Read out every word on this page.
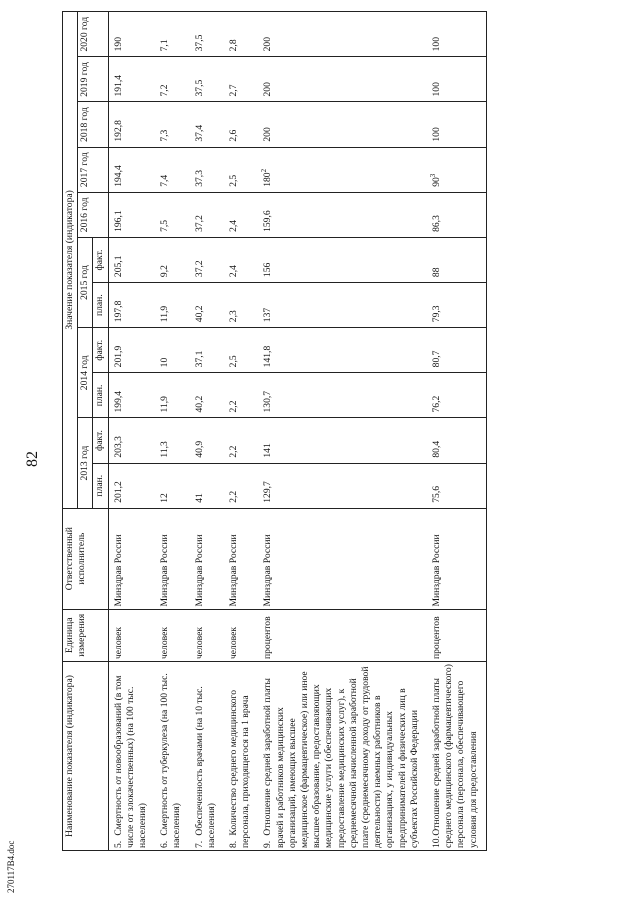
270117В4.doc
82
Наименование показателя (индикатора)	Единица измерения	Ответственный исполнитель	Значение показателя (индикатора)										
			2013 год		2014 год		2015 год		2016 год	2017 год	2018 год	2019 год	2020 год
			план.	факт.	план.	факт.	план.	факт.					
5. Смертность от новообразований (в том числе от злокачественных) (на 100 тыс. населения)	человек	Минздрав России	201,2	203,3	199,4	201,9	197,8	205,1	196,1	194,4	192,8	191,4	190
6. Смертность от туберкулеза (на 100 тыс. населения)	человек	Минздрав России	12	11,3	11,9	10	11,9	9,2	7,5	7,4	7,3	7,2	7,1
7. Обеспеченность врачами (на 10 тыс. населения)	человек	Минздрав России	41	40,9	40,2	37,1	40,2	37,2	37,2	37,3	37,4	37,5	37,5
8. Количество среднего медицинского персонала, приходящегося на 1 врача	человек	Минздрав России	2,2	2,2	2,2	2,5	2,3	2,4	2,4	2,5	2,6	2,7	2,8
9. Отношение средней заработной платы врачей и работников медицинских организаций, имеющих высшее медицинское (фармацевтическое) или иное высшее образование, предоставляющих медицинские услуги (обеспечивающих предоставление медицинских услуг), к среднемесячной начисленной заработной плате (среднемесячному доходу от трудовой деятельности) наемных работников в организациях, у индивидуальных предпринимателей и физических лиц в субъектах Российской Федерации	процентов	Минздрав России	129,7	141	130,7	141,8	137	156	159,6	$180^2$	200	200	200
10. Отношение средней заработной платы среднего медицинского (фармацевтического) персонала (персонала, обеспечивающего условия для предоставления	процентов	Минздрав России	75,6	80,4	76,2	80,7	79,3	88	86,3	$90^3$	100	100	100
